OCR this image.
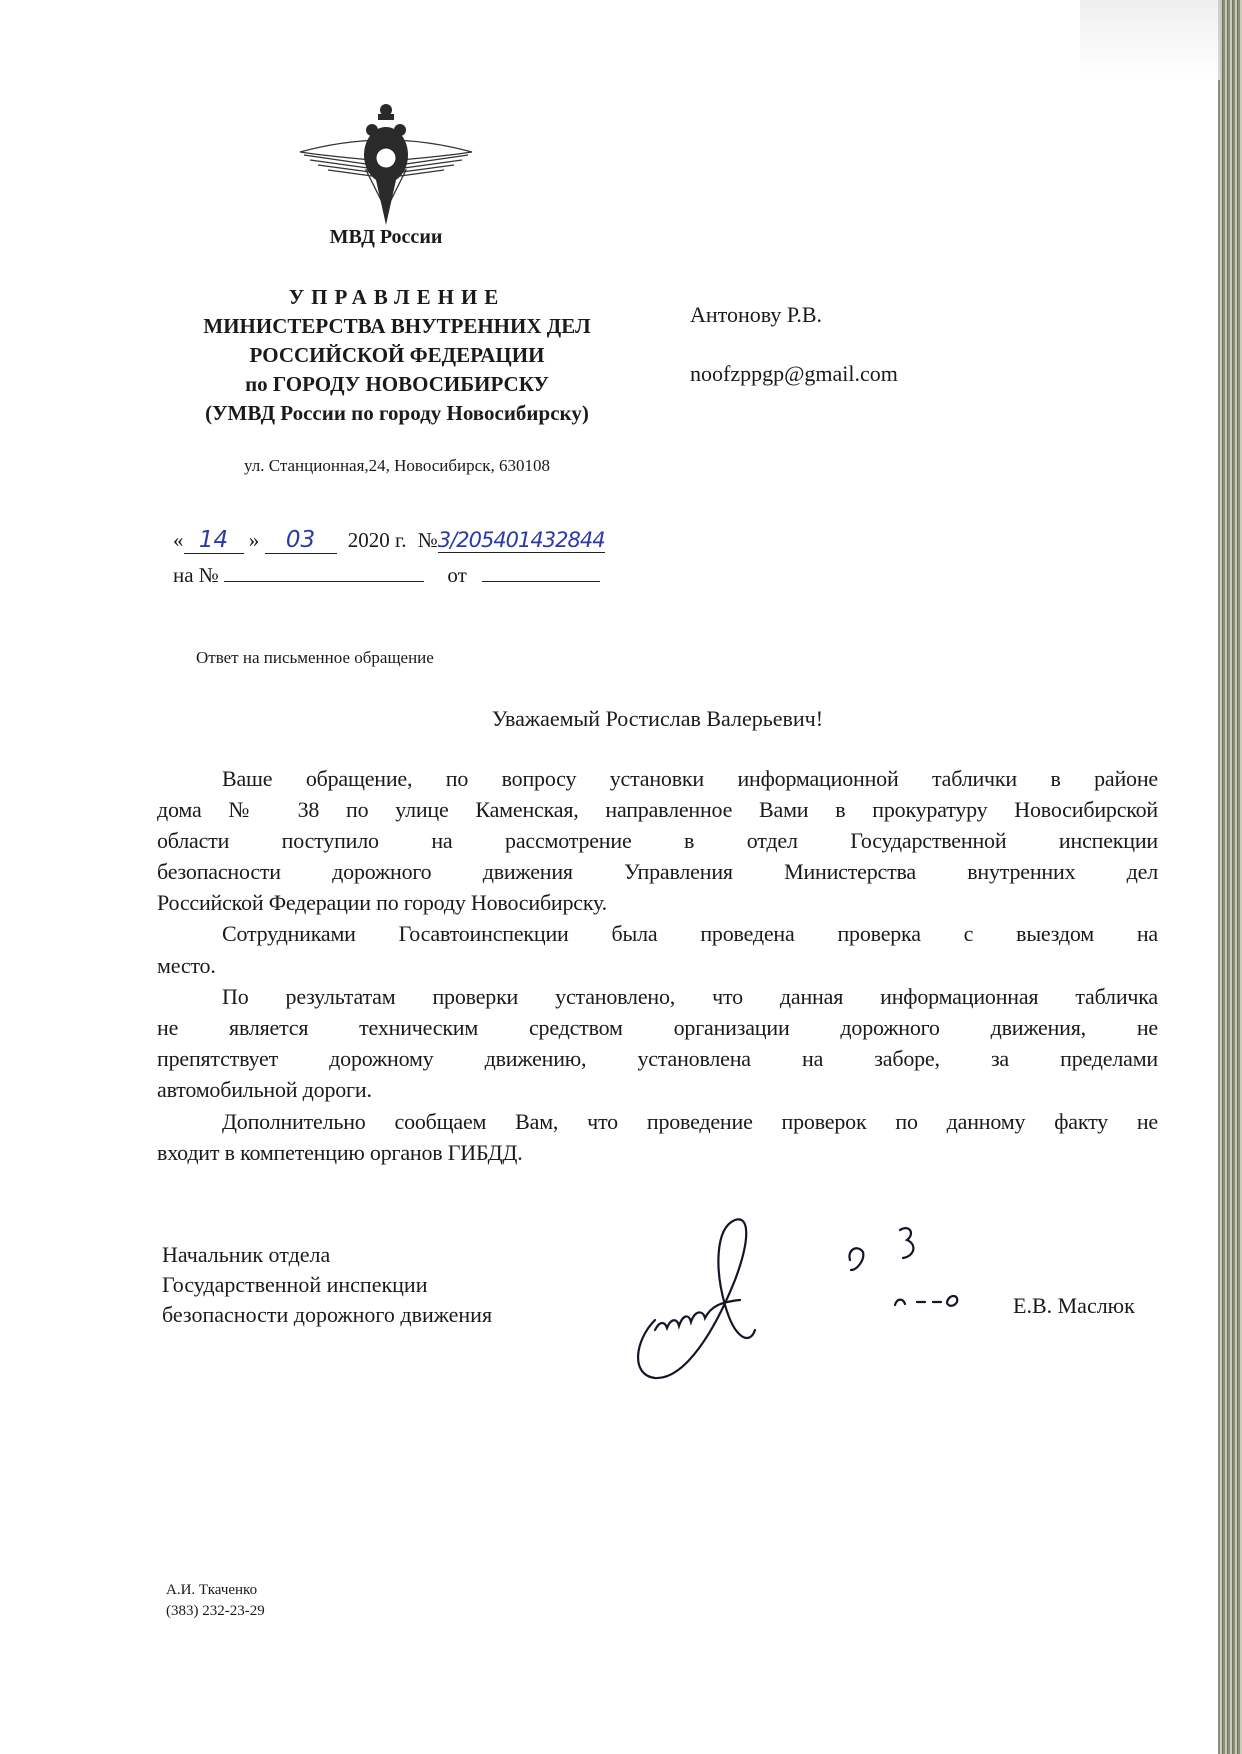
МВД России
УПРАВЛЕНИЕ
МИНИСТЕРСТВА ВНУТРЕННИХ ДЕЛ
РОССИЙСКОЙ ФЕДЕРАЦИИ
по ГОРОДУ НОВОСИБИРСКУ
(УМВД России по городу Новосибирску)
ул. Станционная,24, Новосибирск, 630108
Антонову Р.В.
noofzppgp@gmail.com
« 14 » 03 2020 г. №3/205401432844
на №	от
Ответ на письменное обращение
Уважаемый Ростислав Валерьевич!
Ваше обращение, по вопросу установки информационной таблички в районе
дома № 38 по улице Каменская, направленное Вами в прокуратуру Новосибирской
области поступило на рассмотрение в отдел Государственной инспекции
безопасности дорожного движения Управления Министерства внутренних дел
Российской Федерации по городу Новосибирску.
Сотрудниками Госавтоинспекции была проведена проверка с выездом на
место.
По результатам проверки установлено, что данная информационная табличка
не является техническим средством организации дорожного движения, не
препятствует дорожному движению, установлена на заборе, за пределами
автомобильной дороги.
Дополнительно сообщаем Вам, что проведение проверок по данному факту не
входит в компетенцию органов ГИБДД.
Начальник отдела
Государственной инспекции
безопасности дорожного движения	Е.В. Маслюк
А.И. Ткаченко
(383) 232-23-29
